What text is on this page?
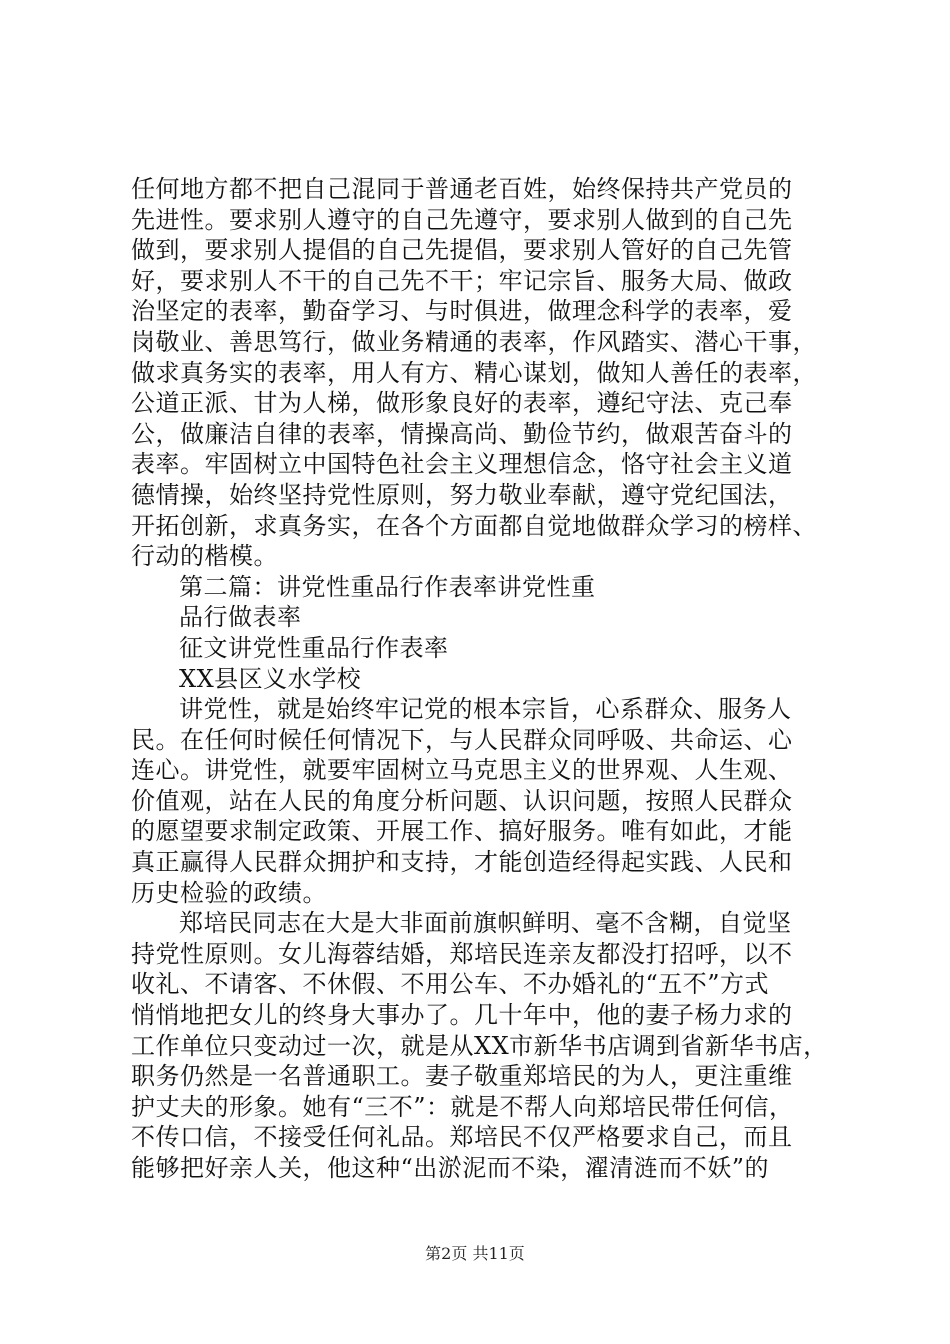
任何地方都不把自己混同于普通老百姓，始终保持共产党员的
先进性。要求别人遵守的自己先遵守，要求别人做到的自己先
做到，要求别人提倡的自己先提倡，要求别人管好的自己先管
好，要求别人不干的自己先不干；牢记宗旨、服务大局、做政
治坚定的表率，勤奋学习、与时俱进，做理念科学的表率，爱
岗敬业、善思笃行，做业务精通的表率，作风踏实、潜心干事，
做求真务实的表率，用人有方、精心谋划，做知人善任的表率，
公道正派、甘为人梯，做形象良好的表率，遵纪守法、克己奉
公，做廉洁自律的表率，情操高尚、勤俭节约，做艰苦奋斗的
表率。牢固树立中国特色社会主义理想信念，恪守社会主义道
德情操，始终坚持党性原则，努力敬业奉献，遵守党纪国法，
开拓创新，求真务实，在各个方面都自觉地做群众学习的榜样、
行动的楷模。
第二篇：讲党性重品行作表率讲党性重
品行做表率
征文讲党性重品行作表率
XX县区义水学校
讲党性，就是始终牢记党的根本宗旨，心系群众、服务人
民。在任何时候任何情况下，与人民群众同呼吸、共命运、心
连心。讲党性，就要牢固树立马克思主义的世界观、人生观、
价值观，站在人民的角度分析问题、认识问题，按照人民群众
的愿望要求制定政策、开展工作、搞好服务。唯有如此，才能
真正赢得人民群众拥护和支持，才能创造经得起实践、人民和
历史检验的政绩。
郑培民同志在大是大非面前旗帜鲜明、毫不含糊，自觉坚
持党性原则。女儿海蓉结婚，郑培民连亲友都没打招呼，以不
收礼、不请客、不休假、不用公车、不办婚礼的“五不”方式
悄悄地把女儿的终身大事办了。几十年中，他的妻子杨力求的
工作单位只变动过一次，就是从XX市新华书店调到省新华书店，
职务仍然是一名普通职工。妻子敬重郑培民的为人，更注重维
护丈夫的形象。她有“三不”：就是不帮人向郑培民带任何信，
不传口信，不接受任何礼品。郑培民不仅严格要求自己，而且
能够把好亲人关，他这种“出淤泥而不染，濯清涟而不妖”的
第2页 共11页
